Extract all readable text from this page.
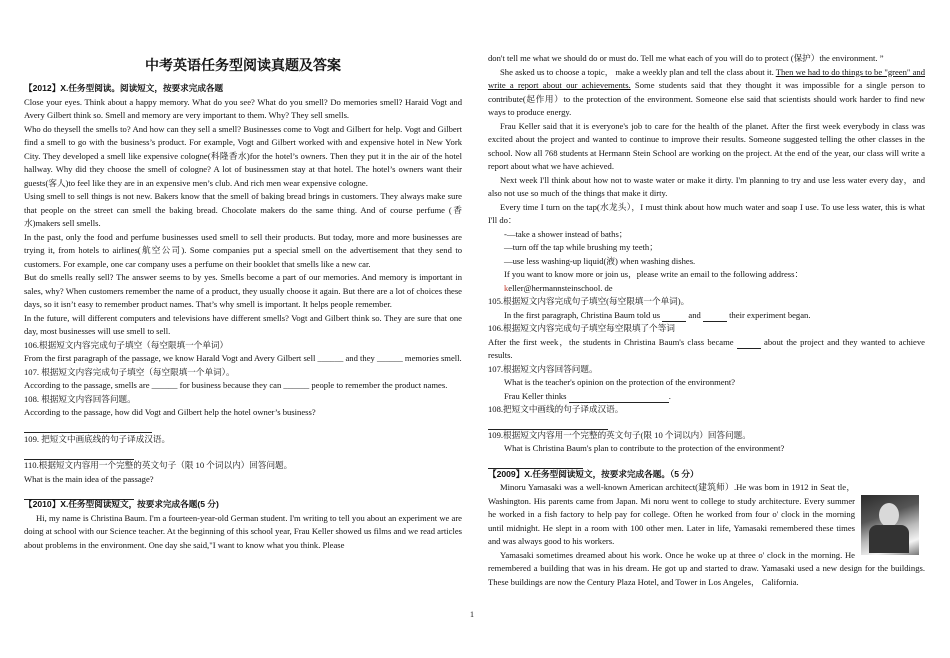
中考英语任务型阅读真题及答案

【2012】X.任务型阅读。阅读短文，按要求完成各题

Close your eyes. Think about a happy memory. What do you see? What do you smell? Do memories smell? Haraid Vogt and Avery Gilbert think so. Smell and memory are very important to them. Why? They sell smells.

Who do theysell the smells to? And how can they sell a smell? Businesses come to Vogt and Gilbert for help. Vogt and Gilbert find a smell to go with the business’s product. For example, Vogt and Gilbert worked with and expensive hotel in New York City. They developed a smell like expensive cologne(科隆香水)for the hotel’s owners. Then they put it in the air of the hotel hallway. Why did they choose the smell of cologne? A lot of businessmen stay at that hotel. The hotel’s owners want their guests(客人)to feel like they are in an expensive men’s club. And rich men wear expensive cologne.

Using smell to sell things is not new. Bakers know that the smell of baking bread brings in customers. They always make sure that people on the street can smell the baking bread. Chocolate makers do the same thing. And of course perfume (香水)makers sell smells.

In the past, only the food and perfume businesses used smell to sell their products. But today, more and more businesses are trying it, from hotels to airlines(航空公司). Some companies put a special smell on the advertisement that they send to customers. For example, one car company uses a perfume on their booklet that smells like a new car.

But do smells really sell? The answer seems to by yes. Smells become a part of our memories. And memory is important in sales, why? When customers remember the name of a product, they usually choose it again. But there are a lot of choices these days, so it isn’t easy to remember product names. That’s why smell is important. It helps people remember.

In the future, will different computers and televisions have different smells? Vogt and Gilbert think so. They are sure that one day, most businesses will use smell to sell.

106.根据短文内容完成句子填空（每空限填一个单词）

From the first paragraph of the passage, we know Harald Vogt and Avery Gilbert sell ______ and they ______ memories smell.

107. 根据短文内容完成句子填空（每空限填一个单词）。

According to the passage, smells are ______ for business because they can ______ people to remember the product names.

108. 根据短文内容回答问题。

According to the passage, how did Vogt and Gilbert help the hotel owner’s business?

109. 把短文中画底线的句子译成汉语。

110.根据短文内容用一个完整的英文句子（限 10 个词以内）回答问题。

What is the main idea of the passage?

【2010】X.任务型阅读短文，按要求完成各题(5 分)

Hi, my name is Christina Baum. I'm a fourteen-year-old German student. I'm writing to tell you about an experiment we are doing at school with our Science teacher. At the beginning of this school year, Frau Keller showed us films and we read articles about problems in the environment. One day she said,"I want to know what you think. Please

don't tell me what we should do or must do. Tell me what each of you will do to protect (保护）the environment. ”

She asked us to choose a topic， make a weekly plan and tell the class about it. Then we had to do things to be "green" and write a report about our achievements. Some students said that they thought it was impossible for a single person to contribute(起作用）to the protection of the environment. Someone else said that scientists should work harder to find new ways to produce energy.

Frau Keller said that it is everyone's job to care for the health of the planet. After the first week everybody in class was excited about the project and wanted to continue to improve their results. Someone suggested telling the other classes in the school. Now all 768 students at Hermann Stein School are working on the project. At the end of the year, our class will write a report about what we have achieved.

Next week I'll think about how not to waste water or make it dirty. I'm planning to try and use less water every day，and also not use so much of the things that make it dirty.

Every time I turn on the tap(水龙头），I must think about how much water and soap I use. To use less water, this is what I'll do：

-—take a shower instead of baths；

—turn off the tap while brushing my teeth；

—use less washing-up liquid(液) when washing dishes.

If you want to know more or join us，please write an email to the following address：

keller@hermannsteinschool. de

105.根据短文内容完成句子填空(每空限填一个单词)。

In the first paragraph, Christina Baum told us	and	their experiment began.

106.根据短文内容完成句子填空每空限填了个等词

After the first week，the students in Christina Baum's class became	about the project and they wanted to achieve results.

107.根据短文内容回答问题。

What is the teacher's opinion on the protection of the environment?

Frau Keller thinks	.

108.把短文中画线的句子译成汉语。

109.根据短文内容用一个完整的英文句子(限 10 个词以内）回答问题。

What is Christina Baum's plan to contribute to the protection of the environment?

【2009】X.任务型阅读短文，按要求完成各题。（5 分）

Minoru Yamasaki was a well-known American architect(建筑师）.He was bom in 1912 in Seat tle，Washington. His parents came from Japan. Mi noru went to college to study architecture. Every summer he worked in a fish factory to help pay for college. Often he worked from four o' clock in the morning until midnight. He slept in a room with 100 other men. Later in life, Yamasaki remembered these times and was always good to his workers.

Yamasaki sometimes dreamed about his work. Once he woke up at three o' clock in the morning. He remembered a building that was in his dream. He got up and started to draw. Yamasaki used a new design for the buildings. These buildings are now the Century Plaza Hotel, and Tower in Los Angeles， California.

1
